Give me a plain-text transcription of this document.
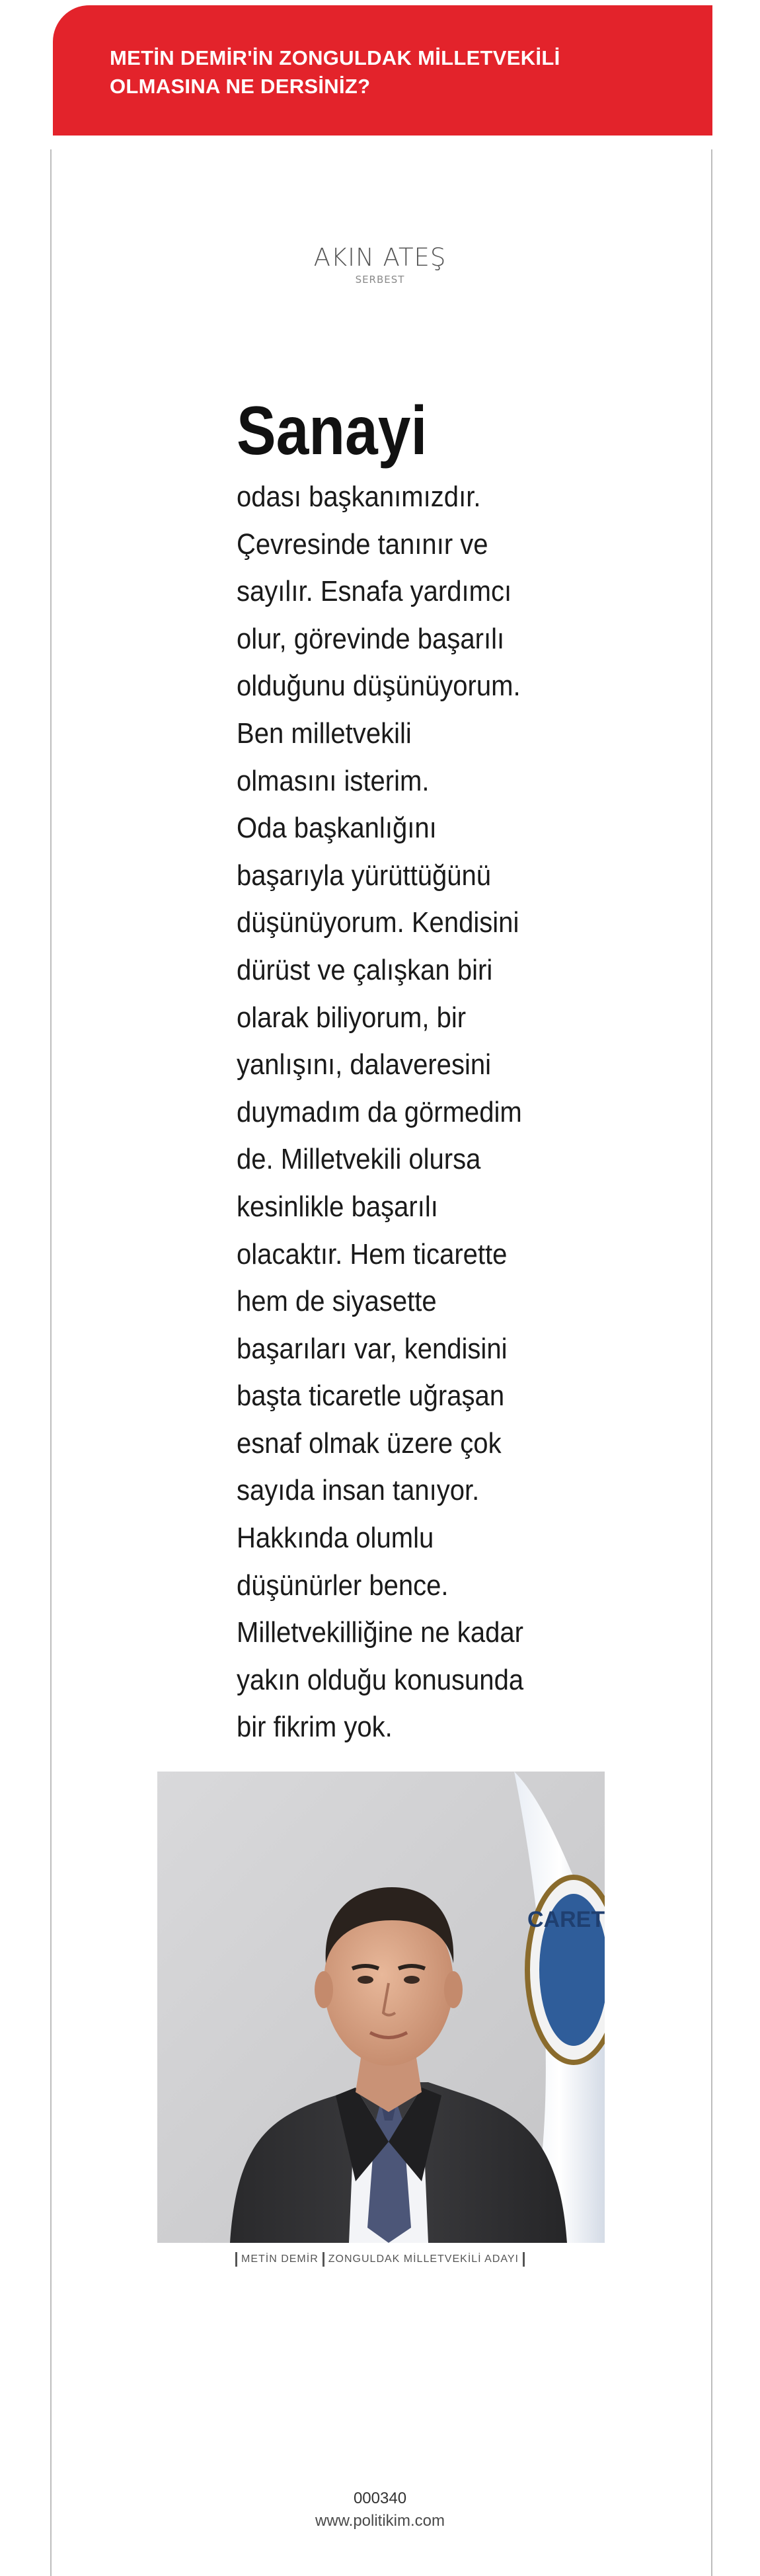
METİN DEMİR'İN ZONGULDAK MİLLETVEKİLİ
OLMASINA NE DERSİNİZ?
AKIN ATEŞ
SERBEST
Sanayi
odası başkanımızdır.
Çevresinde tanınır ve
sayılır. Esnafa yardımcı
olur, görevinde başarılı
olduğunu düşünüyorum.
Ben milletvekili
olmasını isterim.
Oda başkanlığını
başarıyla yürüttüğünü
düşünüyorum. Kendisini
dürüst ve çalışkan biri
olarak biliyorum, bir
yanlışını, dalaveresini
duymadım da görmedim
de. Milletvekili olursa
kesinlikle başarılı
olacaktır. Hem ticarette
hem de siyasette
başarıları var, kendisini
başta ticaretle uğraşan
esnaf olmak üzere çok
sayıda insan tanıyor.
Hakkında olumlu
düşünürler bence.
Milletvekilliğine ne kadar
yakın olduğu konusunda
bir fikrim yok.
CARET
METİN DEMİR ZONGULDAK MİLLETVEKİLİ ADAYI
000340
www.politikim.com
